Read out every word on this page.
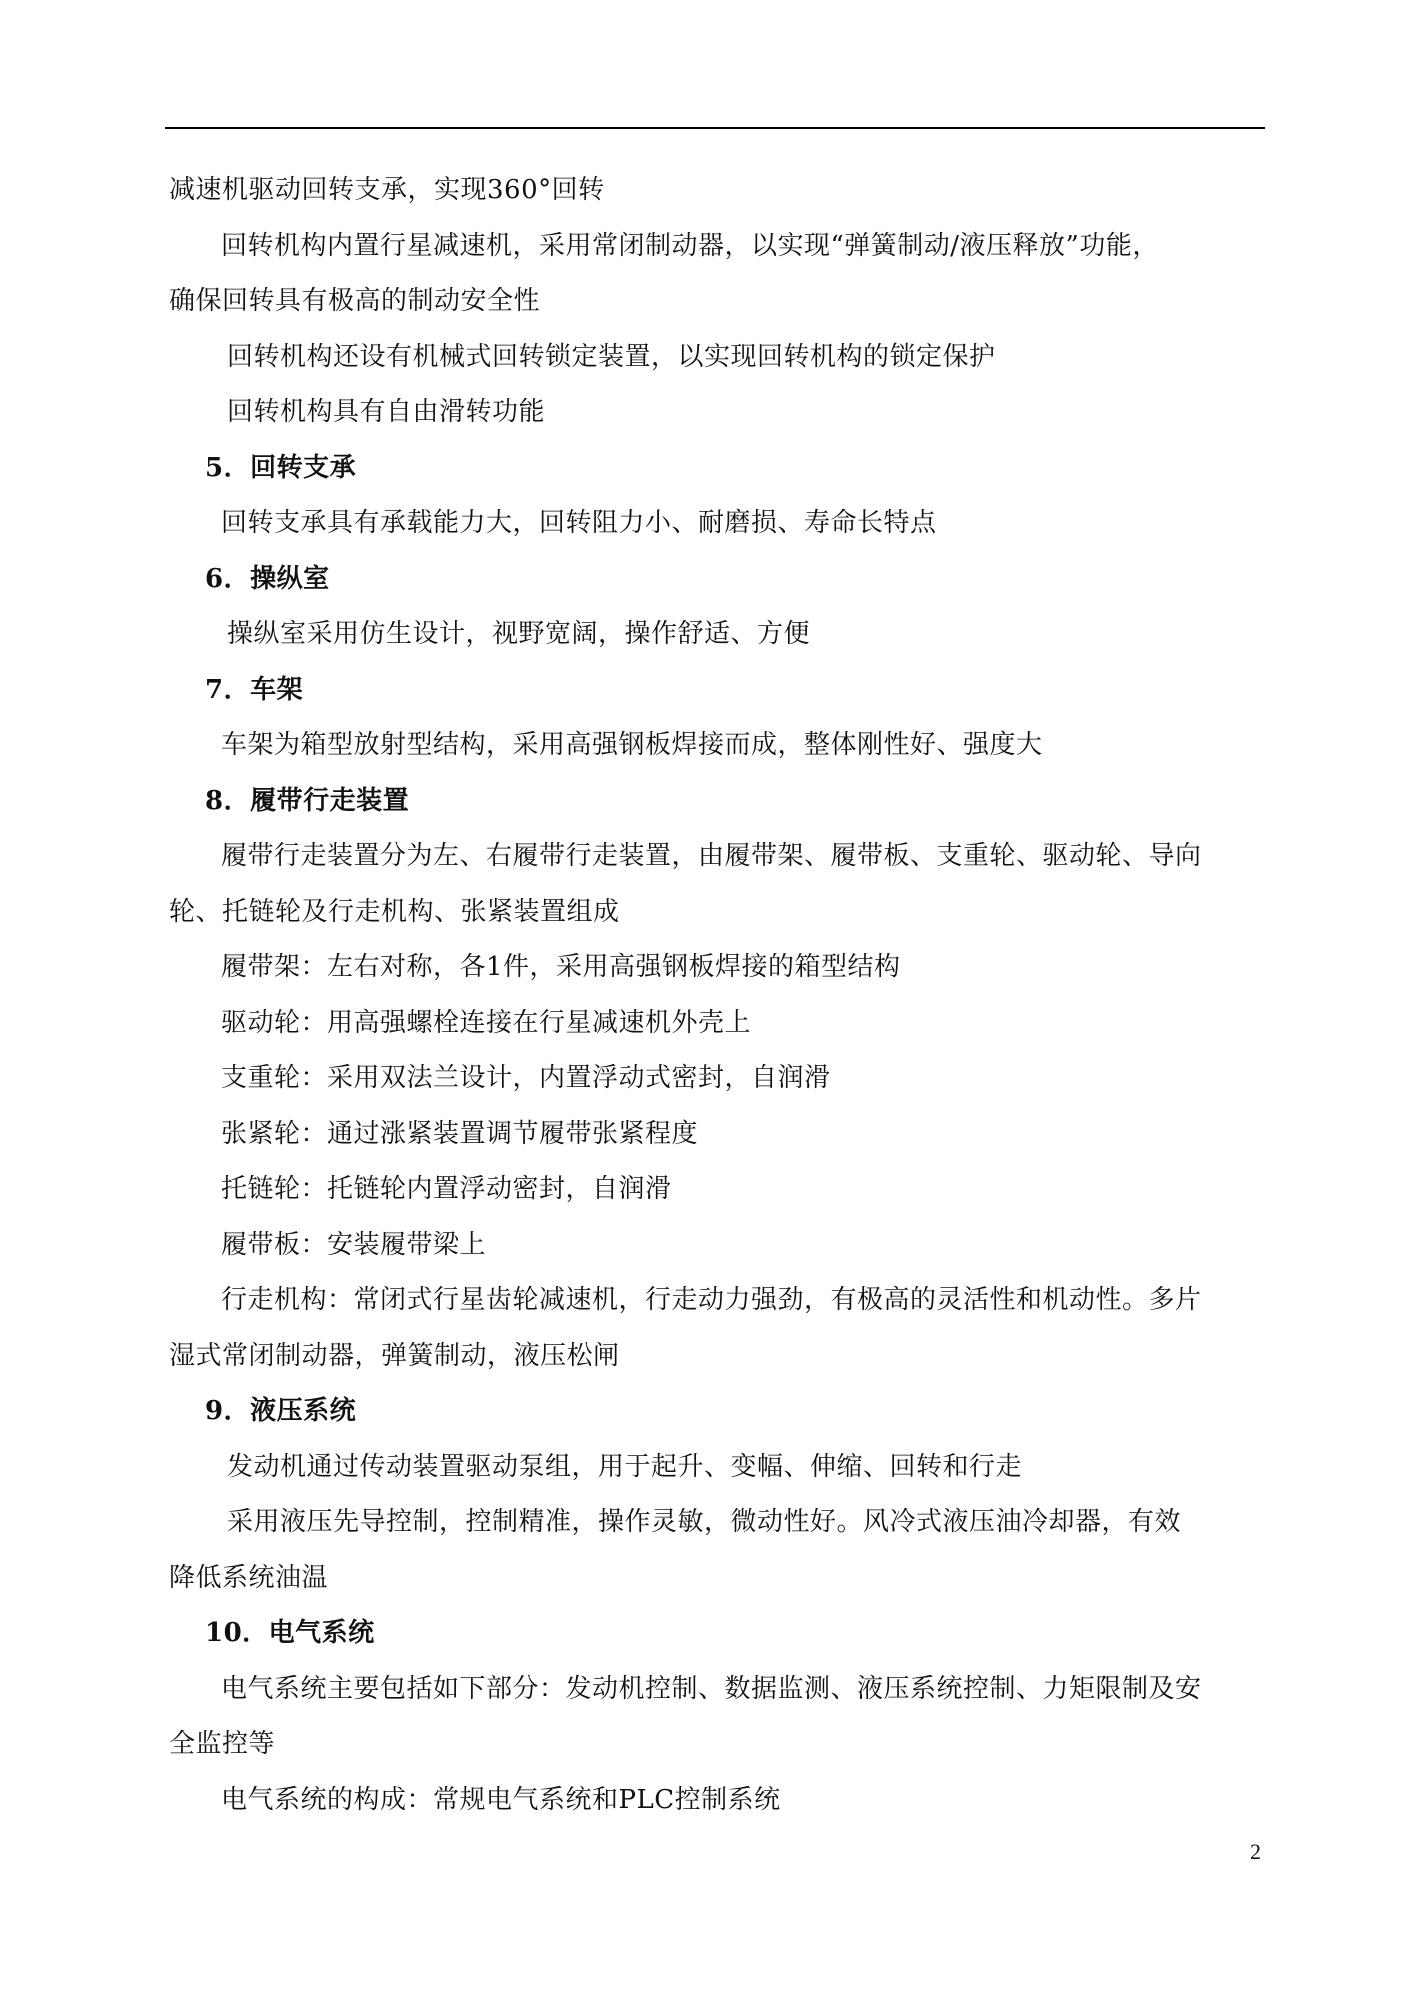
减速机驱动回转支承，实现360°回转
回转机构内置行星减速机，采用常闭制动器，以实现“弹簧制动/液压释放”功能，
确保回转具有极高的制动安全性
回转机构还设有机械式回转锁定装置，以实现回转机构的锁定保护
回转机构具有自由滑转功能
5．回转支承
回转支承具有承载能力大，回转阻力小、耐磨损、寿命长特点
6．操纵室
操纵室采用仿生设计，视野宽阔，操作舒适、方便
7．车架
车架为箱型放射型结构，采用高强钢板焊接而成，整体刚性好、强度大
8．履带行走装置
履带行走装置分为左、右履带行走装置，由履带架、履带板、支重轮、驱动轮、导向
轮、托链轮及行走机构、张紧装置组成
履带架：左右对称，各1件，采用高强钢板焊接的箱型结构
驱动轮：用高强螺栓连接在行星减速机外壳上
支重轮：采用双法兰设计，内置浮动式密封，自润滑
张紧轮：通过涨紧装置调节履带张紧程度
托链轮：托链轮内置浮动密封，自润滑
履带板：安装履带梁上
行走机构：常闭式行星齿轮减速机，行走动力强劲，有极高的灵活性和机动性。多片
湿式常闭制动器，弹簧制动，液压松闸
9．液压系统
发动机通过传动装置驱动泵组，用于起升、变幅、伸缩、回转和行走
采用液压先导控制，控制精准，操作灵敏，微动性好。风冷式液压油冷却器，有效
降低系统油温
10．电气系统
电气系统主要包括如下部分：发动机控制、数据监测、液压系统控制、力矩限制及安
全监控等
电气系统的构成：常规电气系统和PLC控制系统
2
